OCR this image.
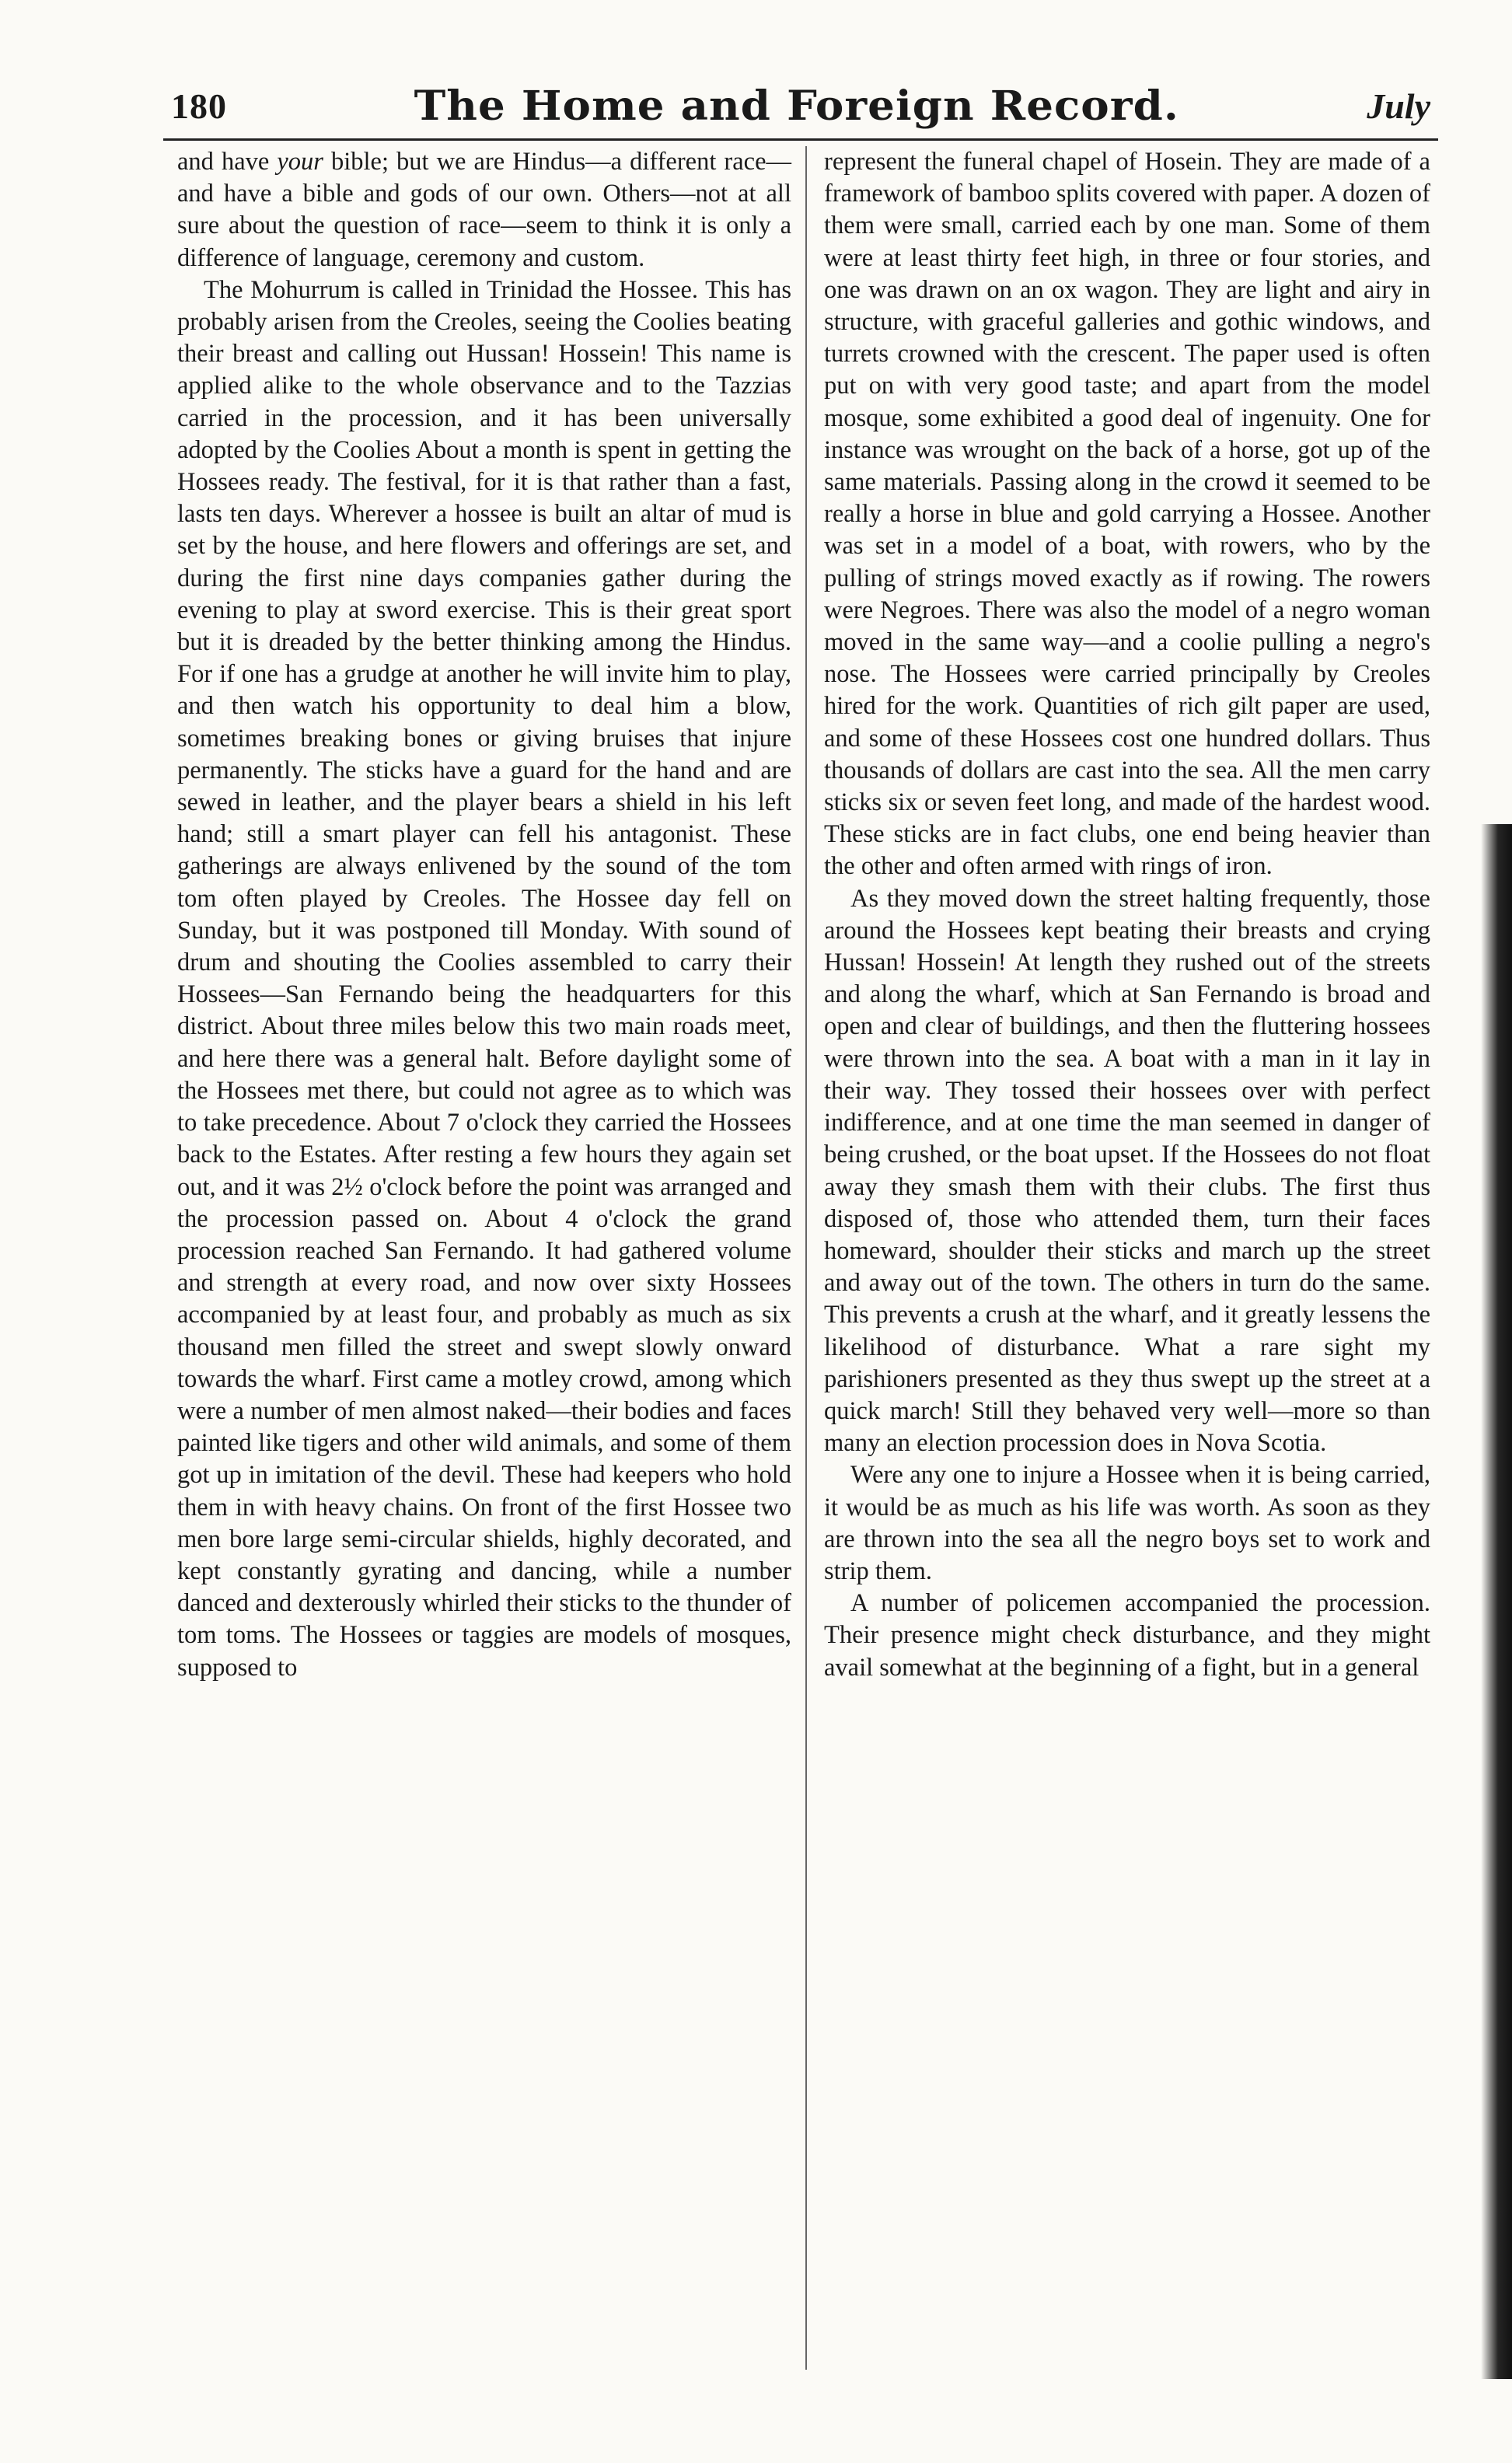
180	The Home and Foreign Record.	July

and have your bible; but we are Hindus—a different race—and have a bible and gods of our own. Others—not at all sure about the question of race—seem to think it is only a difference of language, ceremony and custom.

The Mohurrum is called in Trinidad the Hossee. This has probably arisen from the Creoles, seeing the Coolies beating their breast and calling out Hussan! Hossein! This name is applied alike to the whole observance and to the Tazzias carried in the procession, and it has been universally adopted by the Coolies About a month is spent in getting the Hossees ready. The festival, for it is that rather than a fast, lasts ten days. Wherever a hossee is built an altar of mud is set by the house, and here flowers and offerings are set, and during the first nine days companies gather during the evening to play at sword exercise. This is their great sport but it is dreaded by the better thinking among the Hindus. For if one has a grudge at another he will invite him to play, and then watch his opportunity to deal him a blow, sometimes breaking bones or giving bruises that injure permanently. The sticks have a guard for the hand and are sewed in leather, and the player bears a shield in his left hand; still a smart player can fell his antagonist. These gatherings are always enlivened by the sound of the tom tom often played by Creoles. The Hossee day fell on Sunday, but it was postponed till Monday. With sound of drum and shouting the Coolies assembled to carry their Hossees—San Fernando being the headquarters for this district. About three miles below this two main roads meet, and here there was a general halt. Before daylight some of the Hossees met there, but could not agree as to which was to take precedence. About 7 o'clock they carried the Hossees back to the Estates. After resting a few hours they again set out, and it was 2½ o'clock before the point was arranged and the procession passed on. About 4 o'clock the grand procession reached San Fernando. It had gathered volume and strength at every road, and now over sixty Hossees accompanied by at least four, and probably as much as six thousand men filled the street and swept slowly onward towards the wharf. First came a motley crowd, among which were a number of men almost naked—their bodies and faces painted like tigers and other wild animals, and some of them got up in imitation of the devil. These had keepers who hold them in with heavy chains. On front of the first Hossee two men bore large semi-circular shields, highly decorated, and kept constantly gyrating and dancing, while a number danced and dexterously whirled their sticks to the thunder of tom toms. The Hossees or taggies are models of mosques, supposed to

represent the funeral chapel of Hosein. They are made of a framework of bamboo splits covered with paper. A dozen of them were small, carried each by one man. Some of them were at least thirty feet high, in three or four stories, and one was drawn on an ox wagon. They are light and airy in structure, with graceful galleries and gothic windows, and turrets crowned with the crescent. The paper used is often put on with very good taste; and apart from the model mosque, some exhibited a good deal of ingenuity. One for instance was wrought on the back of a horse, got up of the same materials. Passing along in the crowd it seemed to be really a horse in blue and gold carrying a Hossee. Another was set in a model of a boat, with rowers, who by the pulling of strings moved exactly as if rowing. The rowers were Negroes. There was also the model of a negro woman moved in the same way—and a coolie pulling a negro's nose. The Hossees were carried principally by Creoles hired for the work. Quantities of rich gilt paper are used, and some of these Hossees cost one hundred dollars. Thus thousands of dollars are cast into the sea. All the men carry sticks six or seven feet long, and made of the hardest wood. These sticks are in fact clubs, one end being heavier than the other and often armed with rings of iron.

As they moved down the street halting frequently, those around the Hossees kept beating their breasts and crying Hussan! Hossein! At length they rushed out of the streets and along the wharf, which at San Fernando is broad and open and clear of buildings, and then the fluttering hossees were thrown into the sea. A boat with a man in it lay in their way. They tossed their hossees over with perfect indifference, and at one time the man seemed in danger of being crushed, or the boat upset. If the Hossees do not float away they smash them with their clubs. The first thus disposed of, those who attended them, turn their faces homeward, shoulder their sticks and march up the street and away out of the town. The others in turn do the same. This prevents a crush at the wharf, and it greatly lessens the likelihood of disturbance. What a rare sight my parishioners presented as they thus swept up the street at a quick march! Still they behaved very well—more so than many an election procession does in Nova Scotia.

Were any one to injure a Hossee when it is being carried, it would be as much as his life was worth. As soon as they are thrown into the sea all the negro boys set to work and strip them.

A number of policemen accompanied the procession. Their presence might check disturbance, and they might avail somewhat at the beginning of a fight, but in a general
